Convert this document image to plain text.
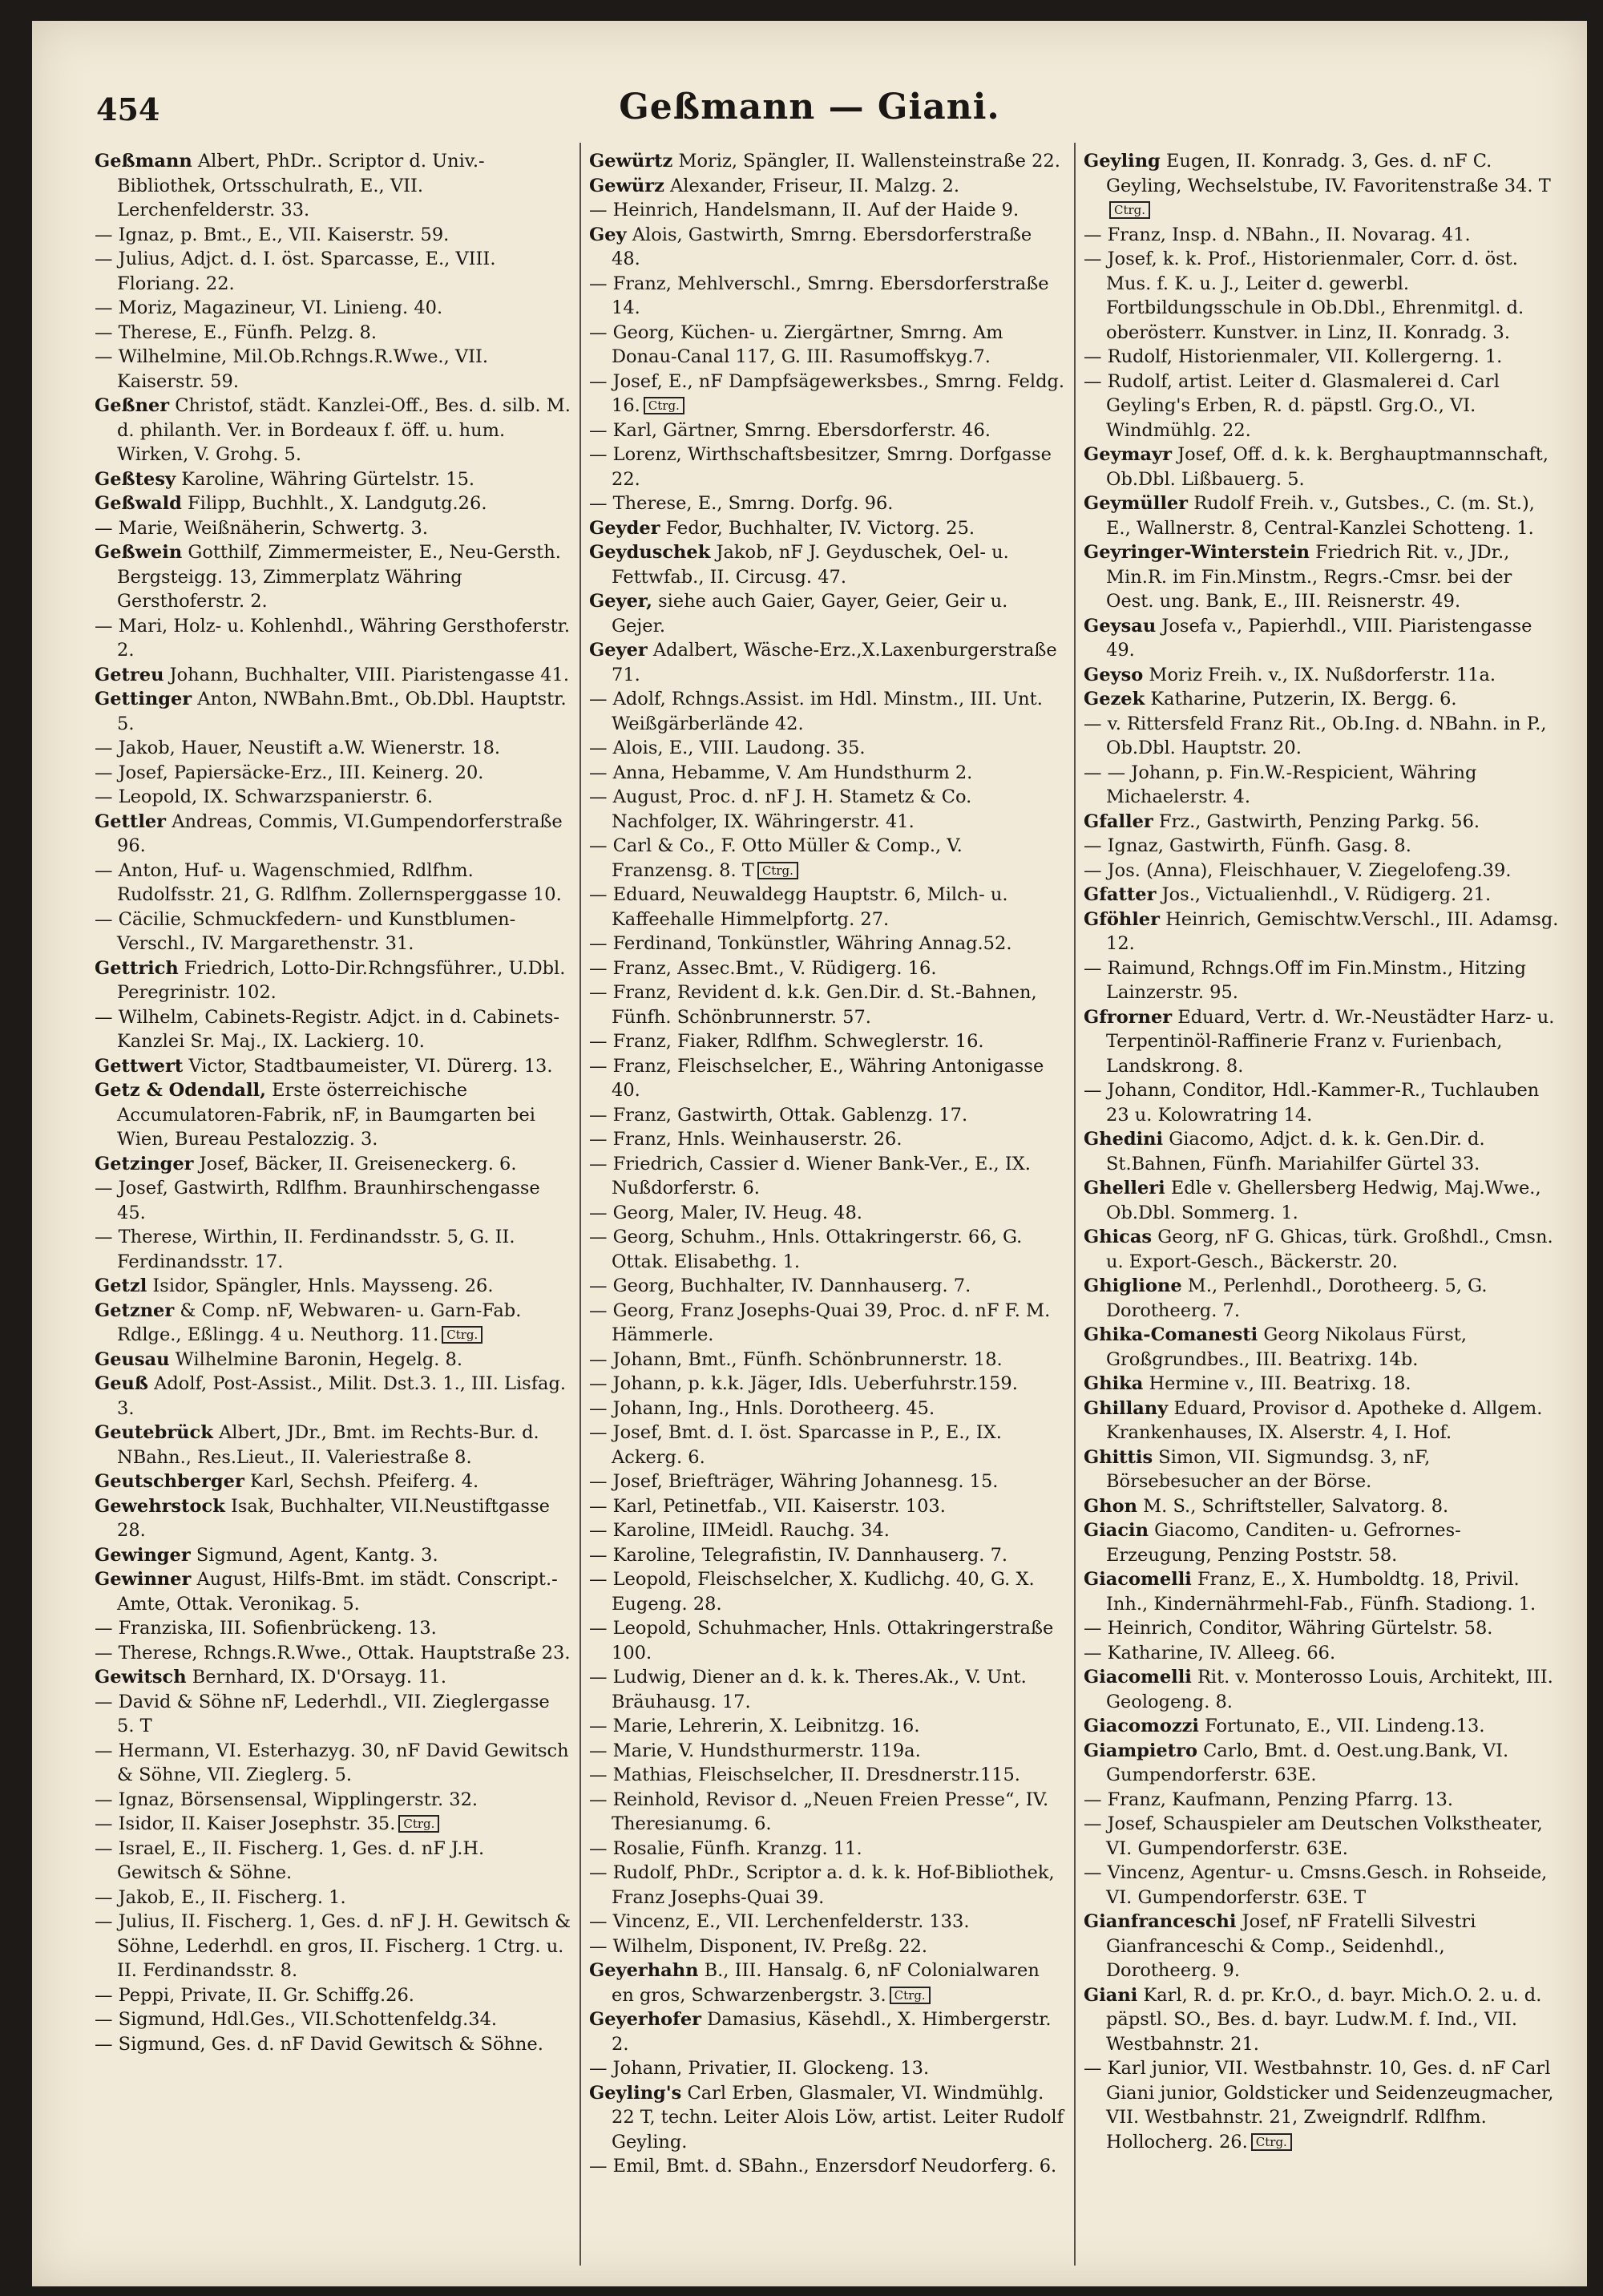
454	Geßmann — Giani.

Geßmann Albert, PhDr.. Scriptor d. Univ.-Bibliothek, Ortsschulrath, E., VII. Lerchenfelderstr. 33.

— Ignaz, p. Bmt., E., VII. Kaiserstr. 59.

— Julius, Adjct. d. I. öst. Sparcasse, E., VIII. Floriang. 22.

— Moriz, Magazineur, VI. Linieng. 40.

— Therese, E., Fünfh. Pelzg. 8.

— Wilhelmine, Mil.Ob.Rchngs.R.Wwe., VII. Kaiserstr. 59.

Geßner Christof, städt. Kanzlei-Off., Bes. d. silb. M. d. philanth. Ver. in Bordeaux f. öff. u. hum. Wirken, V. Grohg. 5.

Geßtesy Karoline, Währing Gürtelstr. 15.

Geßwald Filipp, Buchhlt., X. Landgutg.26.

— Marie, Weißnäherin, Schwertg. 3.

Geßwein Gotthilf, Zimmermeister, E., Neu-Gersth. Bergsteigg. 13, Zimmerplatz Währing Gersthoferstr. 2.

— Mari, Holz- u. Kohlenhdl., Währing Gersthoferstr. 2.

Getreu Johann, Buchhalter, VIII. Piaristengasse 41.

Gettinger Anton, NWBahn.Bmt., Ob.Dbl. Hauptstr. 5.

— Jakob, Hauer, Neustift a.W. Wienerstr. 18.

— Josef, Papiersäcke-Erz., III. Keinerg. 20.

— Leopold, IX. Schwarzspanierstr. 6.

Gettler Andreas, Commis, VI.Gumpendorferstraße 96.

— Anton, Huf- u. Wagenschmied, Rdlfhm. Rudolfsstr. 21, G. Rdlfhm. Zollernsperggasse 10.

— Cäcilie, Schmuckfedern- und Kunstblumen-Verschl., IV. Margarethenstr. 31.

Gettrich Friedrich, Lotto-Dir.Rchngsführer., U.Dbl. Peregrinistr. 102.

— Wilhelm, Cabinets-Registr. Adjct. in d. Cabinets-Kanzlei Sr. Maj., IX. Lackierg. 10.

Gettwert Victor, Stadtbaumeister, VI. Dürerg. 13.

Getz & Odendall, Erste österreichische Accumulatoren-Fabrik, nF, in Baumgarten bei Wien, Bureau Pestalozzig. 3.

Getzinger Josef, Bäcker, II. Greiseneckerg. 6.

— Josef, Gastwirth, Rdlfhm. Braunhirschengasse 45.

— Therese, Wirthin, II. Ferdinandsstr. 5, G. II. Ferdinandsstr. 17.

Getzl Isidor, Spängler, Hnls. Maysseng. 26.

Getzner & Comp. nF, Webwaren- u. Garn-Fab. Rdlge., Eßlingg. 4 u. Neuthorg. 11. Ctrg.

Geusau Wilhelmine Baronin, Hegelg. 8.

Geuß Adolf, Post-Assist., Milit. Dst.3. 1., III. Lisfag. 3.

Geutebrück Albert, JDr., Bmt. im Rechts-Bur. d. NBahn., Res.Lieut., II. Valeriestraße 8.

Geutschberger Karl, Sechsh. Pfeiferg. 4.

Gewehrstock Isak, Buchhalter, VII.Neustiftgasse 28.

Gewinger Sigmund, Agent, Kantg. 3.

Gewinner August, Hilfs-Bmt. im städt. Conscript.-Amte, Ottak. Veronikag. 5.

— Franziska, III. Sofienbrückeng. 13.

— Therese, Rchngs.R.Wwe., Ottak. Hauptstraße 23.

Gewitsch Bernhard, IX. D'Orsayg. 11.

— David & Söhne nF, Lederhdl., VII. Zieglergasse 5. T

— Hermann, VI. Esterhazyg. 30, nF David Gewitsch & Söhne, VII. Zieglerg. 5.

— Ignaz, Börsensensal, Wipplingerstr. 32.

— Isidor, II. Kaiser Josephstr. 35. Ctrg.

— Israel, E., II. Fischerg. 1, Ges. d. nF J.H. Gewitsch & Söhne.

— Jakob, E., II. Fischerg. 1.

— Julius, II. Fischerg. 1, Ges. d. nF J. H. Gewitsch & Söhne, Lederhdl. en gros, II. Fischerg. 1 Ctrg. u. II. Ferdinandsstr. 8.

— Peppi, Private, II. Gr. Schiffg.26.

— Sigmund, Hdl.Ges., VII.Schottenfeldg.34.

— Sigmund, Ges. d. nF David Gewitsch & Söhne.

Gewürtz Moriz, Spängler, II. Wallensteinstraße 22.

Gewürz Alexander, Friseur, II. Malzg. 2.

— Heinrich, Handelsmann, II. Auf der Haide 9.

Gey Alois, Gastwirth, Smrng. Ebersdorferstraße 48.

— Franz, Mehlverschl., Smrng. Ebersdorferstraße 14.

— Georg, Küchen- u. Ziergärtner, Smrng. Am Donau-Canal 117, G. III. Rasumoffskyg.7.

— Josef, E., nF Dampfsägewerksbes., Smrng. Feldg. 16. Ctrg.

— Karl, Gärtner, Smrng. Ebersdorferstr. 46.

— Lorenz, Wirthschaftsbesitzer, Smrng. Dorfgasse 22.

— Therese, E., Smrng. Dorfg. 96.

Geyder Fedor, Buchhalter, IV. Victorg. 25.

Geyduschek Jakob, nF J. Geyduschek, Oel- u. Fettwfab., II. Circusg. 47.

Geyer, siehe auch Gaier, Gayer, Geier, Geir u. Gejer.

Geyer Adalbert, Wäsche-Erz.,X.Laxenburgerstraße 71.

— Adolf, Rchngs.Assist. im Hdl. Minstm., III. Unt. Weißgärberlände 42.

— Alois, E., VIII. Laudong. 35.

— Anna, Hebamme, V. Am Hundsthurm 2.

— August, Proc. d. nF J. H. Stametz & Co. Nachfolger, IX. Währingerstr. 41.

— Carl & Co., F. Otto Müller & Comp., V. Franzensg. 8. T Ctrg.

— Eduard, Neuwaldegg Hauptstr. 6, Milch- u. Kaffeehalle Himmelpfortg. 27.

— Ferdinand, Tonkünstler, Währing Annag.52.

— Franz, Assec.Bmt., V. Rüdigerg. 16.

— Franz, Revident d. k.k. Gen.Dir. d. St.-Bahnen, Fünfh. Schönbrunnerstr. 57.

— Franz, Fiaker, Rdlfhm. Schweglerstr. 16.

— Franz, Fleischselcher, E., Währing Antonigasse 40.

— Franz, Gastwirth, Ottak. Gablenzg. 17.

— Franz, Hnls. Weinhauserstr. 26.

— Friedrich, Cassier d. Wiener Bank-Ver., E., IX. Nußdorferstr. 6.

— Georg, Maler, IV. Heug. 48.

— Georg, Schuhm., Hnls. Ottakringerstr. 66, G. Ottak. Elisabethg. 1.

— Georg, Buchhalter, IV. Dannhauserg. 7.

— Georg, Franz Josephs-Quai 39, Proc. d. nF F. M. Hämmerle.

— Johann, Bmt., Fünfh. Schönbrunnerstr. 18.

— Johann, p. k.k. Jäger, Idls. Ueberfuhrstr.159.

— Johann, Ing., Hnls. Dorotheerg. 45.

— Josef, Bmt. d. I. öst. Sparcasse in P., E., IX. Ackerg. 6.

— Josef, Briefträger, Währing Johannesg. 15.

— Karl, Petinetfab., VII. Kaiserstr. 103.

— Karoline, IIMeidl. Rauchg. 34.

— Karoline, Telegrafistin, IV. Dannhauserg. 7.

— Leopold, Fleischselcher, X. Kudlichg. 40, G. X. Eugeng. 28.

— Leopold, Schuhmacher, Hnls. Ottakringerstraße 100.

— Ludwig, Diener an d. k. k. Theres.Ak., V. Unt. Bräuhausg. 17.

— Marie, Lehrerin, X. Leibnitzg. 16.

— Marie, V. Hundsthurmerstr. 119a.

— Mathias, Fleischselcher, II. Dresdnerstr.115.

— Reinhold, Revisor d. „Neuen Freien Presse“, IV. Theresianumg. 6.

— Rosalie, Fünfh. Kranzg. 11.

— Rudolf, PhDr., Scriptor a. d. k. k. Hof-Bibliothek, Franz Josephs-Quai 39.

— Vincenz, E., VII. Lerchenfelderstr. 133.

— Wilhelm, Disponent, IV. Preßg. 22.

Geyerhahn B., III. Hansalg. 6, nF Colonialwaren en gros, Schwarzenbergstr. 3. Ctrg.

Geyerhofer Damasius, Käsehdl., X. Himbergerstr. 2.

— Johann, Privatier, II. Glockeng. 13.

Geyling's Carl Erben, Glasmaler, VI. Windmühlg. 22 T, techn. Leiter Alois Löw, artist. Leiter Rudolf Geyling.

— Emil, Bmt. d. SBahn., Enzersdorf Neudorferg. 6.

Geyling Eugen, II. Konradg. 3, Ges. d. nF C. Geyling, Wechselstube, IV. Favoritenstraße 34. TCtrg.

— Franz, Insp. d. NBahn., II. Novarag. 41.

— Josef, k. k. Prof., Historienmaler, Corr. d. öst. Mus. f. K. u. J., Leiter d. gewerbl. Fortbildungsschule in Ob.Dbl., Ehrenmitgl. d. oberösterr. Kunstver. in Linz, II. Konradg. 3.

— Rudolf, Historienmaler, VII. Kollergerng. 1.

— Rudolf, artist. Leiter d. Glasmalerei d. Carl Geyling's Erben, R. d. päpstl. Grg.O., VI. Windmühlg. 22.

Geymayr Josef, Off. d. k. k. Berghauptmannschaft, Ob.Dbl. Lißbauerg. 5.

Geymüller Rudolf Freih. v., Gutsbes., C. (m. St.), E., Wallnerstr. 8, Central-Kanzlei Schotteng. 1.

Geyringer-Winterstein Friedrich Rit. v., JDr., Min.R. im Fin.Minstm., Regrs.-Cmsr. bei der Oest. ung. Bank, E., III. Reisnerstr. 49.

Geysau Josefa v., Papierhdl., VIII. Piaristengasse 49.

Geyso Moriz Freih. v., IX. Nußdorferstr. 11a.

Gezek Katharine, Putzerin, IX. Bergg. 6.

— v. Rittersfeld Franz Rit., Ob.Ing. d. NBahn. in P., Ob.Dbl. Hauptstr. 20.

— — Johann, p. Fin.W.-Respicient, Währing Michaelerstr. 4.

Gfaller Frz., Gastwirth, Penzing Parkg. 56.

— Ignaz, Gastwirth, Fünfh. Gasg. 8.

— Jos. (Anna), Fleischhauer, V. Ziegelofeng.39.

Gfatter Jos., Victualienhdl., V. Rüdigerg. 21.

Gföhler Heinrich, Gemischtw.Verschl., III. Adamsg. 12.

— Raimund, Rchngs.Off im Fin.Minstm., Hitzing Lainzerstr. 95.

Gfrorner Eduard, Vertr. d. Wr.-Neustädter Harz- u. Terpentinöl-Raffinerie Franz v. Furienbach, Landskrong. 8.

— Johann, Conditor, Hdl.-Kammer-R., Tuchlauben 23 u. Kolowratring 14.

Ghedini Giacomo, Adjct. d. k. k. Gen.Dir. d. St.Bahnen, Fünfh. Mariahilfer Gürtel 33.

Ghelleri Edle v. Ghellersberg Hedwig, Maj.Wwe., Ob.Dbl. Sommerg. 1.

Ghicas Georg, nF G. Ghicas, türk. Großhdl., Cmsn. u. Export-Gesch., Bäckerstr. 20.

Ghiglione M., Perlenhdl., Dorotheerg. 5, G. Dorotheerg. 7.

Ghika-Comanesti Georg Nikolaus Fürst, Großgrundbes., III. Beatrixg. 14b.

Ghika Hermine v., III. Beatrixg. 18.

Ghillany Eduard, Provisor d. Apotheke d. Allgem. Krankenhauses, IX. Alserstr. 4, I. Hof.

Ghittis Simon, VII. Sigmundsg. 3, nF, Börsebesucher an der Börse.

Ghon M. S., Schriftsteller, Salvatorg. 8.

Giacin Giacomo, Canditen- u. Gefrornes-Erzeugung, Penzing Poststr. 58.

Giacomelli Franz, E., X. Humboldtg. 18, Privil. Inh., Kindernährmehl-Fab., Fünfh. Stadiong. 1.

— Heinrich, Conditor, Währing Gürtelstr. 58.

— Katharine, IV. Alleeg. 66.

Giacomelli Rit. v. Monterosso Louis, Architekt, III. Geologeng. 8.

Giacomozzi Fortunato, E., VII. Lindeng.13.

Giampietro Carlo, Bmt. d. Oest.ung.Bank, VI. Gumpendorferstr. 63E.

— Franz, Kaufmann, Penzing Pfarrg. 13.

— Josef, Schauspieler am Deutschen Volkstheater, VI. Gumpendorferstr. 63E.

— Vincenz, Agentur- u. Cmsns.Gesch. in Rohseide, VI. Gumpendorferstr. 63E. T

Gianfranceschi Josef, nF Fratelli Silvestri Gianfranceschi & Comp., Seidenhdl., Dorotheerg. 9.

Giani Karl, R. d. pr. Kr.O., d. bayr. Mich.O. 2. u. d. päpstl. SO., Bes. d. bayr. Ludw.M. f. Ind., VII. Westbahnstr. 21.

— Karl junior, VII. Westbahnstr. 10, Ges. d. nF Carl Giani junior, Goldsticker und Seidenzeugmacher, VII. Westbahnstr. 21, Zweigndrlf. Rdlfhm. Hollocherg. 26. Ctrg.
